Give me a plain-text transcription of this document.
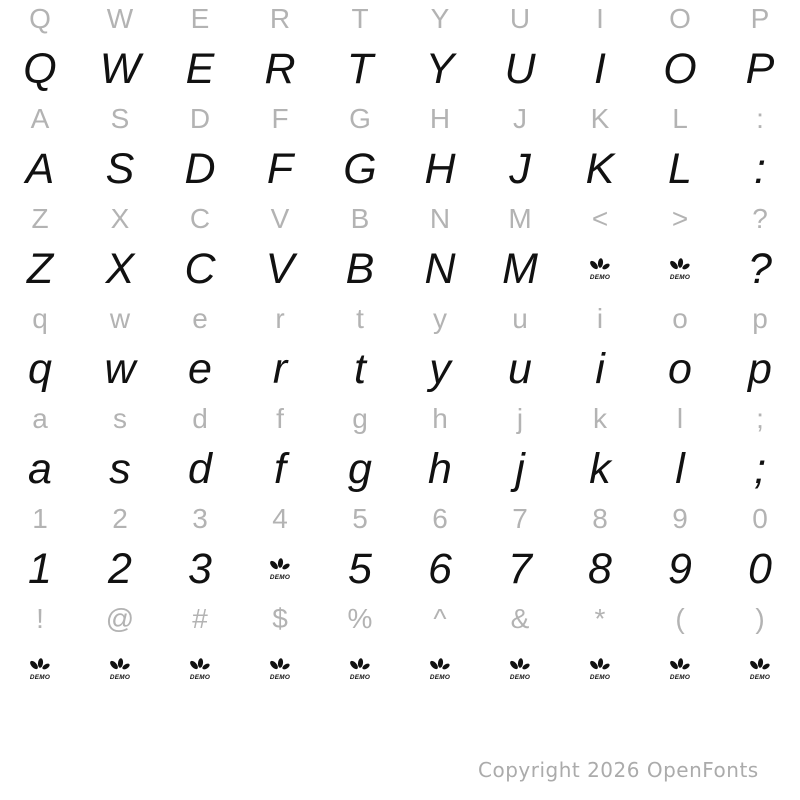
Q W E R T Y U I O P
Q W E R T Y U I O P
A S D F G H J K L :
A S D F G H J K L :
Z X C V B N M < > ?
Z X C V B N M	DEMO	DEMO ?
q w e r	t y u i o p
q w e r t y u i o p
a s d f g h j k l	;
a s d f g h j k l ;
1 2 3 4 5 6 7 8 9 0
1 2 3	DEMO 5 6 7 8 9 0
! @ # $ % ^ & * (	)
DEMO	DEMO	DEMO	DEMO	DEMO	DEMO	DEMO	DEMO	DEMO	DEMO
Copyright 2026 OpenFonts
